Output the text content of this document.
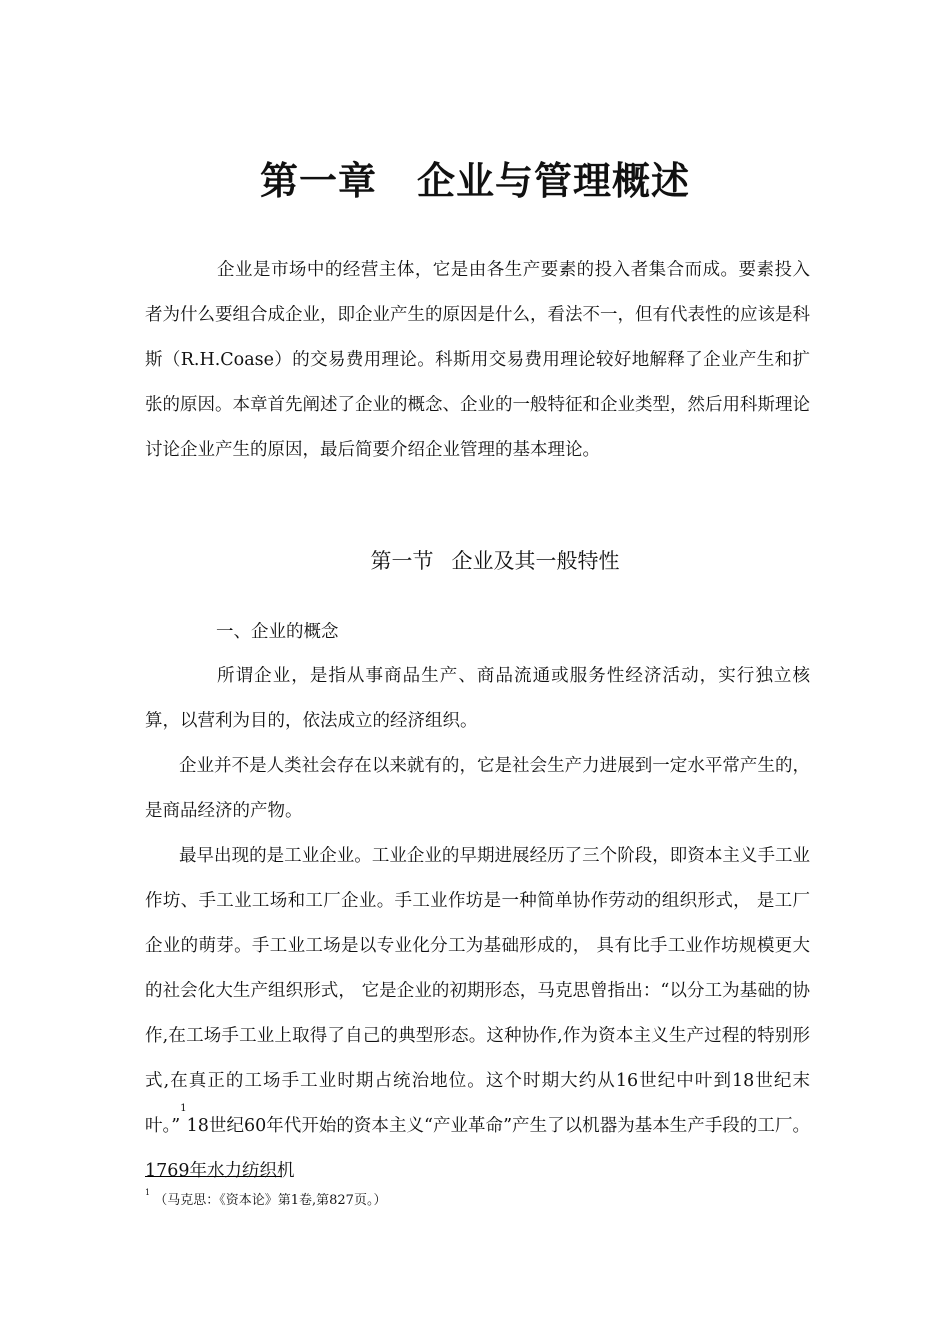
第一章 企业与管理概述

企业是市场中的经营主体，它是由各生产要素的投入者集合而成。要素投入者为什么要组合成企业，即企业产生的原因是什么，看法不一，但有代表性的应该是科斯（R.H.Coase）的交易费用理论。科斯用交易费用理论较好地解释了企业产生和扩张的原因。本章首先阐述了企业的概念、企业的一般特征和企业类型，然后用科斯理论讨论企业产生的原因，最后简要介绍企业管理的基本理论。

第一节 企业及其一般特性

一、企业的概念

所谓企业，是指从事商品生产、商品流通或服务性经济活动，实行独立核算，以营利为目的，依法成立的经济组织。

企业并不是人类社会存在以来就有的，它是社会生产力进展到一定水平常产生的，是商品经济的产物。

最早出现的是工业企业。工业企业的早期进展经历了三个阶段，即资本主义手工业作坊、手工业工场和工厂企业。手工业作坊是一种简单协作劳动的组织形式， 是工厂企业的萌芽。手工业工场是以专业化分工为基础形成的， 具有比手工业作坊规模更大的社会化大生产组织形式， 它是企业的初期形态，马克思曾指出：“以分工为基础的协作,在工场手工业上取得了自己的典型形态。这种协作,作为资本主义生产过程的特别形式,在真正的工场手工业时期占统治地位。这个时期大约从16世纪中叶到18世纪末叶。”$^1$18世纪60年代开始的资本主义“产业革命”产生了以机器为基本生产手段的工厂。1769年水力纺织机

$^1$ （马克思：《资本论》第1卷,第827页。）
